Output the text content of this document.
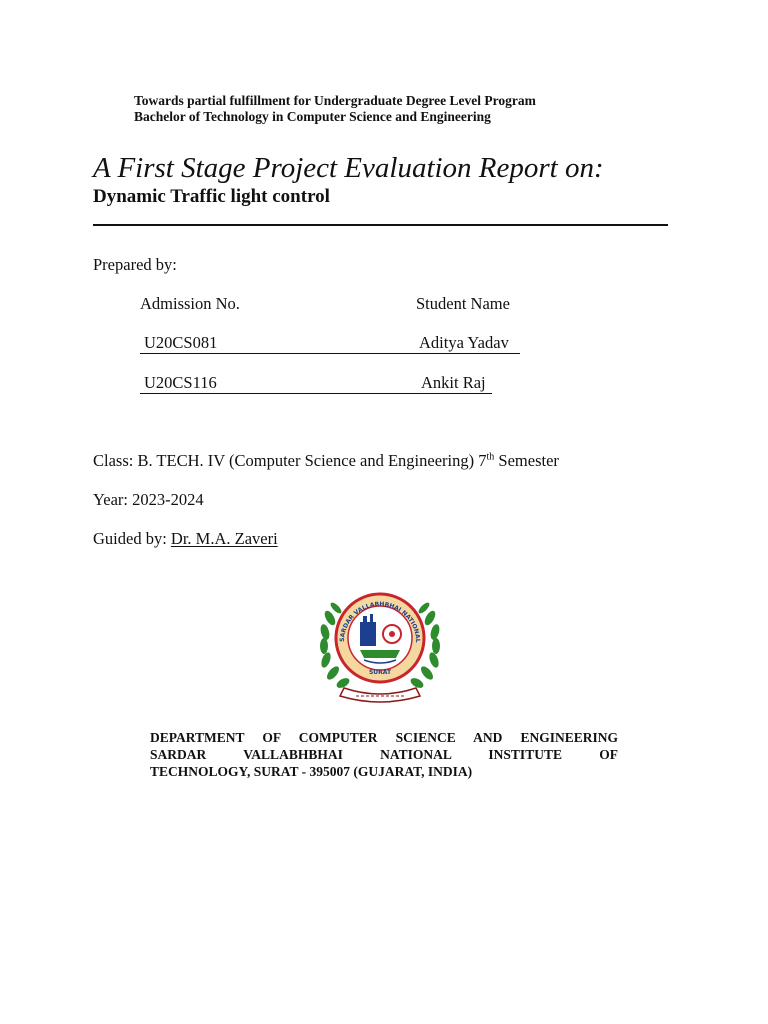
Towards partial fulfillment for Undergraduate Degree Level Program
Bachelor of Technology in Computer Science and Engineering
A First Stage Project Evaluation Report on:
Dynamic Traffic light control
Prepared by:
Admission No.	Student Name
U20CS081	Aditya Yadav
U20CS116	Ankit Raj
Class: B. TECH. IV (Computer Science and Engineering) 7th Semester
Year: 2023-2024
Guided by: Dr. M.A. Zaveri
SARDAR VALLABHBHAI NATIONAL
SURAT
DEPARTMENT OF COMPUTER SCIENCE AND ENGINEERING
SARDAR VALLABHBHAI NATIONAL INSTITUTE OF
TECHNOLOGY, SURAT - 395007 (GUJARAT, INDIA)
